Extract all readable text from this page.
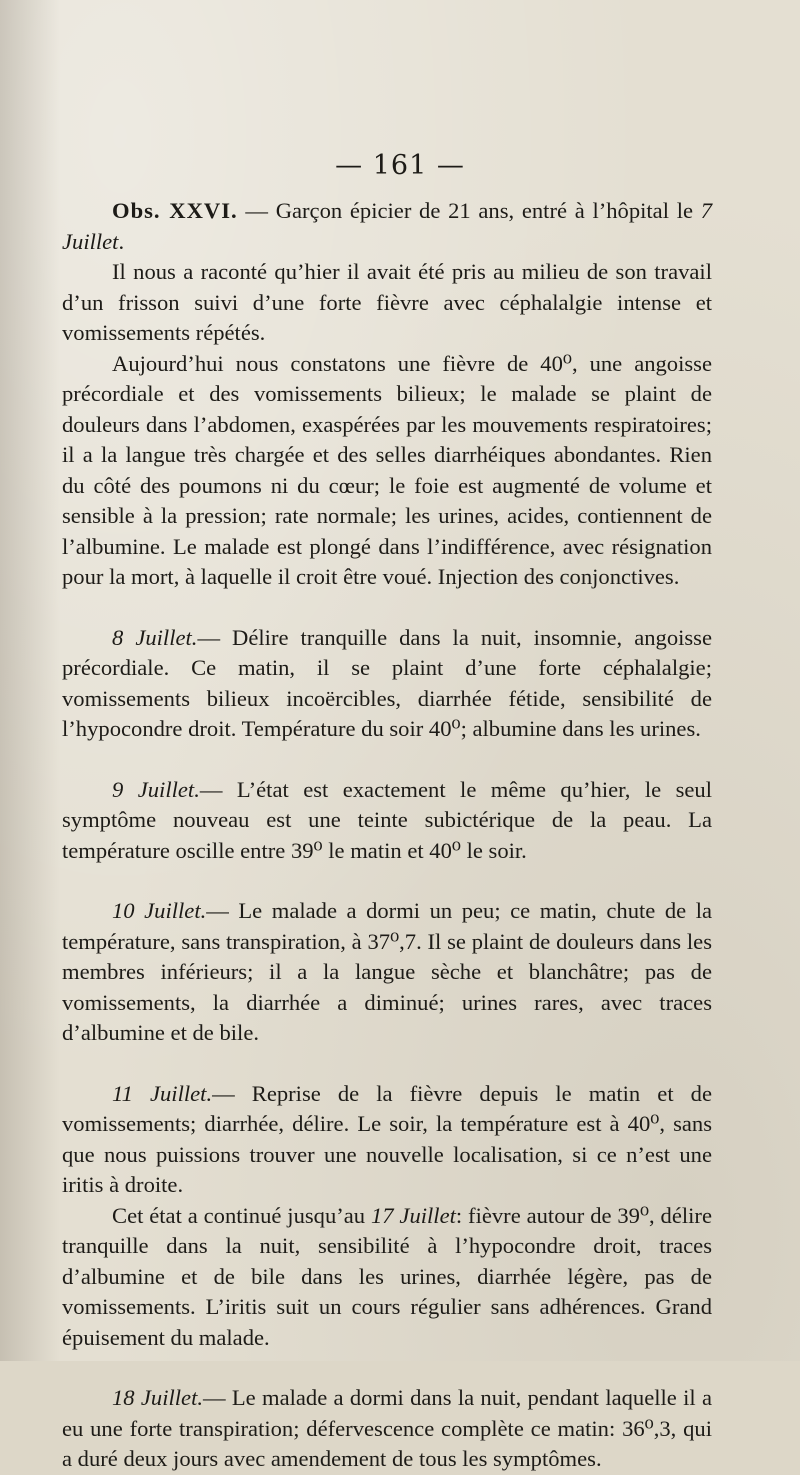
— 161 —

Obs. XXVI. — Garçon épicier de 21 ans, entré à l’hôpital le 7 Juillet.

Il nous a raconté qu’hier il avait été pris au milieu de son travail d’un frisson suivi d’une forte fièvre avec céphalalgie intense et vomissements répétés.

Aujourd’hui nous constatons une fièvre de 40⁰, une angoisse précordiale et des vomissements bilieux; le malade se plaint de douleurs dans l’abdomen, exaspérées par les mouvements respiratoires; il a la langue très chargée et des selles diarrhéiques abondantes. Rien du côté des poumons ni du cœur; le foie est augmenté de volume et sensible à la pression; rate normale; les urines, acides, contiennent de l’albumine. Le malade est plongé dans l’indifférence, avec résignation pour la mort, à laquelle il croit être voué. Injection des conjonctives.

8 Juillet.— Délire tranquille dans la nuit, insomnie, angoisse précordiale. Ce matin, il se plaint d’une forte céphalalgie; vomissements bilieux incoërcibles, diarrhée fétide, sensibilité de l’hypocondre droit. Température du soir 40⁰; albumine dans les urines.

9 Juillet.— L’état est exactement le même qu’hier, le seul symptôme nouveau est une teinte subictérique de la peau. La température oscille entre 39⁰ le matin et 40⁰ le soir.

10 Juillet.— Le malade a dormi un peu; ce matin, chute de la température, sans transpiration, à 37⁰,7. Il se plaint de douleurs dans les membres inférieurs; il a la langue sèche et blanchâtre; pas de vomissements, la diarrhée a diminué; urines rares, avec traces d’albumine et de bile.

11 Juillet.— Reprise de la fièvre depuis le matin et de vomissements; diarrhée, délire. Le soir, la température est à 40⁰, sans que nous puissions trouver une nouvelle localisation, si ce n’est une iritis à droite.

Cet état a continué jusqu’au 17 Juillet: fièvre autour de 39⁰, délire tranquille dans la nuit, sensibilité à l’hypocondre droit, traces d’albumine et de bile dans les urines, diarrhée légère, pas de vomissements. L’iritis suit un cours régulier sans adhérences. Grand épuisement du malade.

18 Juillet.— Le malade a dormi dans la nuit, pendant laquelle il a eu une forte transpiration; défervescence complète ce matin: 36⁰,3, qui a duré deux jours avec amendement de tous les symptômes.
